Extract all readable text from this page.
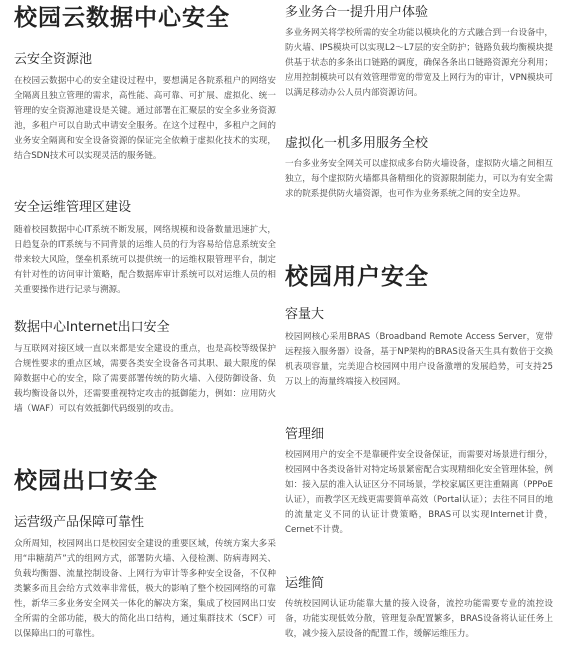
校园云数据中心安全
云安全资源池

在校园云数据中心的安全建设过程中，要想满足各院系租户的网络安全隔离且独立管理的需求，高性能、高可靠、可扩展、虚拟化、统一管理的安全资源池建设是关键。通过部署在汇聚层的安全多业务资源池，多租户可以自助式申请安全服务。在这个过程中，多租户之间的业务安全隔离和安全设备资源的保证完全依赖于虚拟化技术的实现，结合SDN技术可以实现灵活的服务链。

安全运维管理区建设

随着校园数据中心IT系统不断发展，网络规模和设备数量迅速扩大，日趋复杂的IT系统与不同背景的运维人员的行为容易给信息系统安全带来较大风险，堡垒机系统可以提供统一的运维权限管理平台，制定有针对性的访问审计策略，配合数据库审计系统可以对运维人员的相关重要操作进行记录与溯源。

数据中心Internet出口安全

与互联网对接区域一直以来都是安全建设的重点，也是高校等级保护合规性要求的重点区域，需要各类安全设备各司其职、最大限度的保障数据中心的安全，除了需要部署传统的防火墙、入侵防御设备、负载均衡设备以外，还需要重视特定攻击的抵御能力，例如：应用防火墙（WAF）可以有效抵御代码级别的攻击。

校园出口安全
运营级产品保障可靠性

众所周知，校园网出口是校园安全建设的重要区域，传统方案大多采用“串糖葫芦”式的组网方式，部署防火墙、入侵检测、防病毒网关、负载均衡器、流量控制设备、上网行为审计等多种安全设备，不仅种类繁多而且会给方式效率非常低，极大的影响了整个校园网络的可靠性，新华三多业务安全网关一体化的解决方案，集成了校园网出口安全所需的全部功能，极大的简化出口结构，通过集群技术（SCF）可以保障出口的可靠性。

多业务合一提升用户体验

多业务网关将学校所需的安全功能以模块化的方式融合到一台设备中，防火墙、IPS模块可以实现L2～L7层的安全防护；链路负载均衡模块提供基于状态的多条出口链路的调度，确保各条出口链路资源充分利用；应用控制模块可以有效管理带宽的带宽及上网行为的审计，VPN模块可以满足移动办公人员内部资源访问。

虚拟化一机多用服务全校

一台多业务安全网关可以虚拟成多台防火墙设备，虚拟防火墙之间相互独立，每个虚拟防火墙都具备精细化的资源限制能力，可以为有安全需求的院系提供防火墙资源，也可作为业务系统之间的安全边界。

校园用户安全
容量大

校园网核心采用BRAS（Broadband Remote Access Server，宽带远程接入服务器）设备，基于NP架构的BRAS设备天生具有数倍于交换机表项容量，完美迎合校园网中用户设备激增的发展趋势，可支持25万以上的海量终端接入校园网。

管理细

校园网用户的安全不是靠硬件安全设备保证，而需要对场景进行细分，校园网中各类设备针对特定场景紧密配合实现精细化安全管理体验，例如：接入层的准入认证区分不同场景，学校家属区更注重隔离（PPPoE认证），而教学区无线更需要简单高效（Portal认证）；去往不同目的地的流量定义不同的认证计费策略，BRAS可以实现Internet计费，Cernet不计费。

运维简

传统校园网认证功能靠大量的接入设备，流控功能需要专业的流控设备，功能实现低效分散，管理复杂配置繁多，BRAS设备将认证任务上收，减少接入层设备的配置工作，缓解运维压力。
